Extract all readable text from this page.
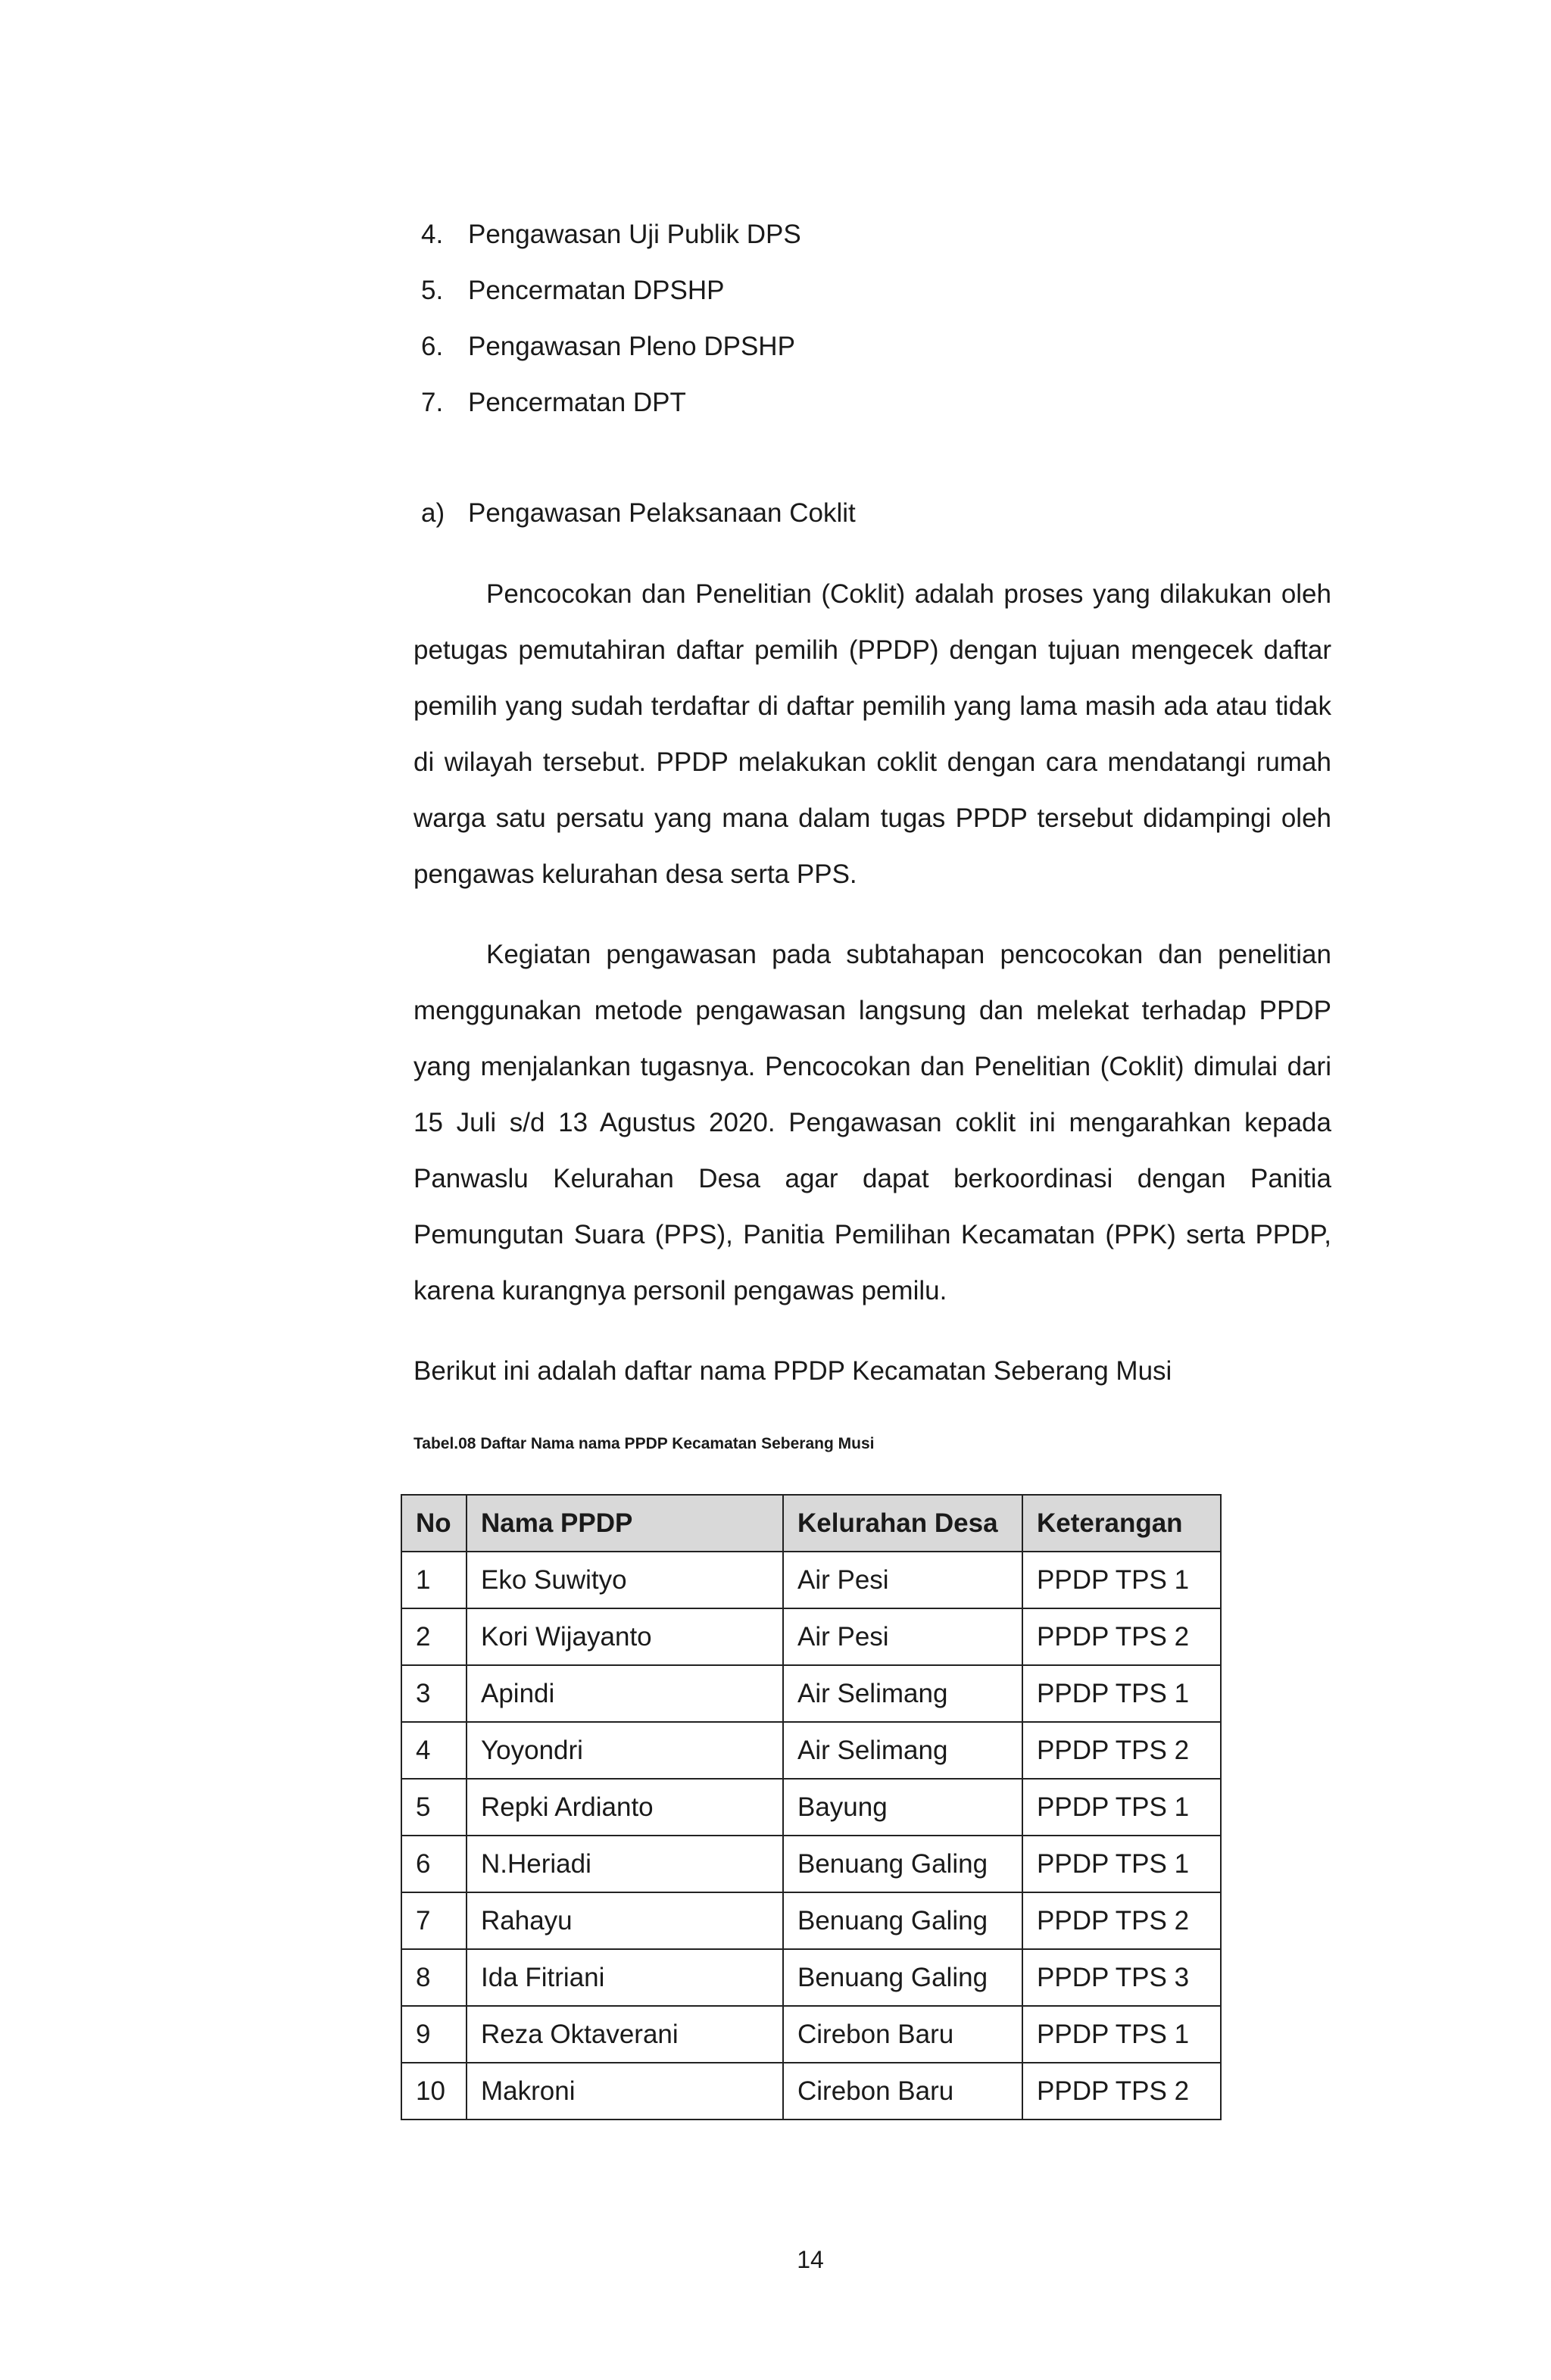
4. Pengawasan Uji Publik DPS
5. Pencermatan DPSHP
6. Pengawasan Pleno DPSHP
7. Pencermatan DPT
a) Pengawasan Pelaksanaan Coklit

Pencocokan dan Penelitian (Coklit) adalah proses yang dilakukan oleh petugas pemutahiran daftar pemilih (PPDP) dengan tujuan mengecek daftar pemilih yang sudah terdaftar di daftar pemilih yang lama masih ada atau tidak di wilayah tersebut. PPDP melakukan coklit dengan cara mendatangi rumah warga satu persatu yang mana dalam tugas PPDP tersebut didampingi oleh pengawas kelurahan desa serta PPS.

Kegiatan pengawasan pada subtahapan pencocokan dan penelitian menggunakan metode pengawasan langsung dan melekat terhadap PPDP yang menjalankan tugasnya. Pencocokan dan Penelitian (Coklit) dimulai dari 15 Juli s/d 13 Agustus 2020. Pengawasan coklit ini mengarahkan kepada Panwaslu Kelurahan Desa agar dapat berkoordinasi dengan Panitia Pemungutan Suara (PPS), Panitia Pemilihan Kecamatan (PPK) serta PPDP, karena kurangnya personil pengawas pemilu.

Berikut ini adalah daftar nama PPDP Kecamatan Seberang Musi

Tabel.08 Daftar Nama nama PPDP Kecamatan Seberang Musi

No	Nama PPDP	Kelurahan Desa	Keterangan
1	Eko Suwityo	Air Pesi	PPDP TPS 1
2	Kori Wijayanto	Air Pesi	PPDP TPS 2
3	Apindi	Air Selimang	PPDP TPS 1
4	Yoyondri	Air Selimang	PPDP TPS 2
5	Repki Ardianto	Bayung	PPDP TPS 1
6	N.Heriadi	Benuang Galing	PPDP TPS 1
7	Rahayu	Benuang Galing	PPDP TPS 2
8	Ida Fitriani	Benuang Galing	PPDP TPS 3
9	Reza Oktaverani	Cirebon Baru	PPDP TPS 1
10	Makroni	Cirebon Baru	PPDP TPS 2
14
